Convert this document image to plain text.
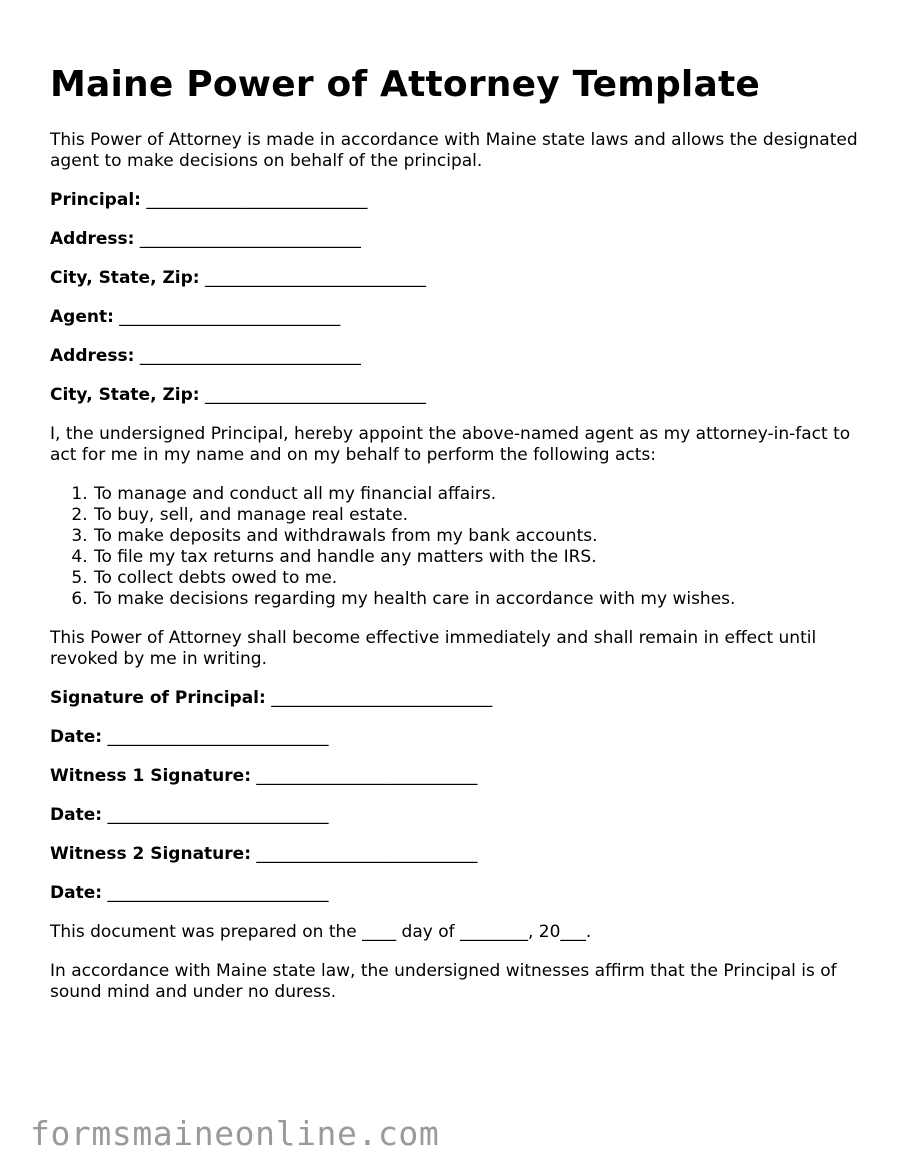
Maine Power of Attorney Template

This Power of Attorney is made in accordance with Maine state laws and allows the designated agent to make decisions on behalf of the principal.

Principal: __________________________
Address: __________________________
City, State, Zip: __________________________
Agent: __________________________
Address: __________________________
City, State, Zip: __________________________

I, the undersigned Principal, hereby appoint the above-named agent as my attorney-in-fact to act for me in my name and on my behalf to perform the following acts:

1. To manage and conduct all my financial affairs.
2. To buy, sell, and manage real estate.
3. To make deposits and withdrawals from my bank accounts.
4. To file my tax returns and handle any matters with the IRS.
5. To collect debts owed to me.
6. To make decisions regarding my health care in accordance with my wishes.

This Power of Attorney shall become effective immediately and shall remain in effect until revoked by me in writing.

Signature of Principal: __________________________
Date: __________________________
Witness 1 Signature: __________________________
Date: __________________________
Witness 2 Signature: __________________________
Date: __________________________

This document was prepared on the ____ day of ________, 20___.

In accordance with Maine state law, the undersigned witnesses affirm that the Principal is of sound mind and under no duress.

formsmaineonline.com
